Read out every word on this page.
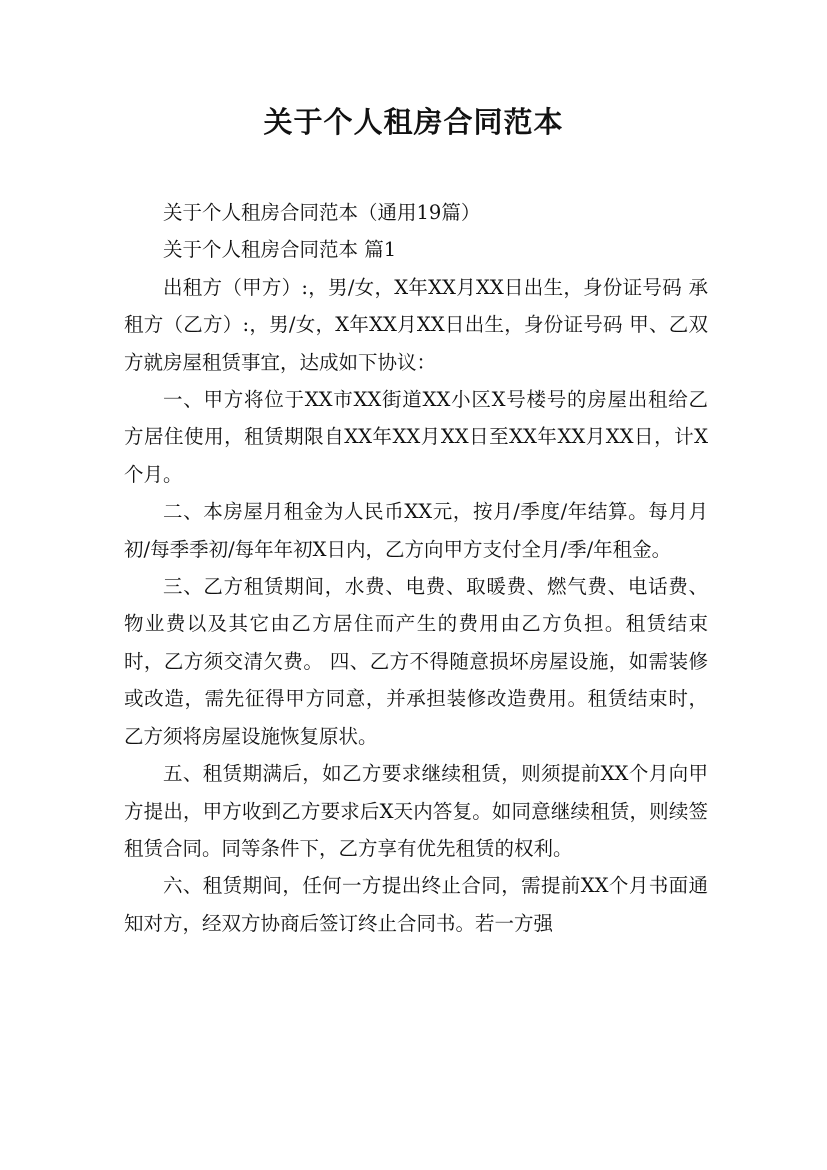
关于个人租房合同范本

关于个人租房合同范本（通用19篇）

关于个人租房合同范本 篇1

出租方（甲方）:，男/女，X年XX月XX日出生，身份证号码 承租方（乙方）:，男/女，X年XX月XX日出生，身份证号码 甲、乙双方就房屋租赁事宜，达成如下协议：

一、甲方将位于XX市XX街道XX小区X号楼号的房屋出租给乙方居住使用，租赁期限自XX年XX月XX日至XX年XX月XX日，计X个月。

二、本房屋月租金为人民币XX元，按月/季度/年结算。每月月初/每季季初/每年年初X日内，乙方向甲方支付全月/季/年租金。

三、乙方租赁期间，水费、电费、取暖费、燃气费、电话费、物业费以及其它由乙方居住而产生的费用由乙方负担。租赁结束时，乙方须交清欠费。 四、乙方不得随意损坏房屋设施，如需装修或改造，需先征得甲方同意，并承担装修改造费用。租赁结束时，乙方须将房屋设施恢复原状。

五、租赁期满后，如乙方要求继续租赁，则须提前XX个月向甲方提出，甲方收到乙方要求后X天内答复。如同意继续租赁，则续签租赁合同。同等条件下，乙方享有优先租赁的权利。

六、租赁期间，任何一方提出终止合同，需提前XX个月书面通知对方，经双方协商后签订终止合同书。若一方强
